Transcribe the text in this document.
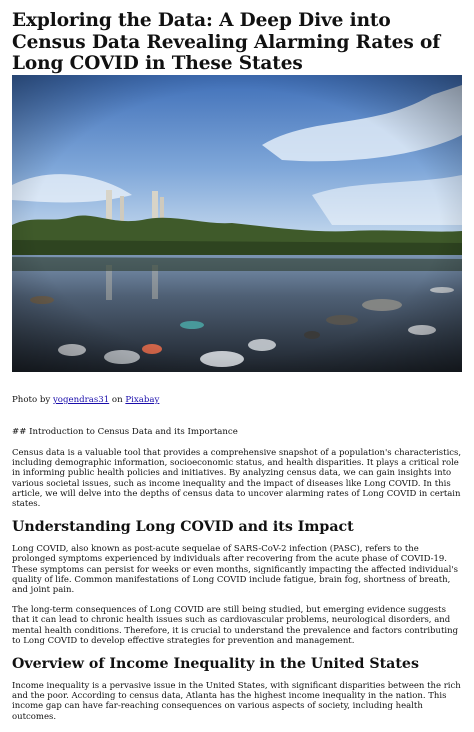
Exploring the Data: A Deep Dive into Census Data Revealing Alarming Rates of Long COVID in These States
Photo by yogendras31 on Pixabay
## Introduction to Census Data and its Importance

Census data is a valuable tool that provides a comprehensive snapshot of a population's characteristics, including demographic information, socioeconomic status, and health disparities. It plays a critical role in informing public health policies and initiatives. By analyzing census data, we can gain insights into various societal issues, such as income inequality and the impact of diseases like Long COVID. In this article, we will delve into the depths of census data to uncover alarming rates of Long COVID in certain states.

Understanding Long COVID and its Impact

Long COVID, also known as post-acute sequelae of SARS-CoV-2 infection (PASC), refers to the prolonged symptoms experienced by individuals after recovering from the acute phase of COVID-19. These symptoms can persist for weeks or even months, significantly impacting the affected individual's quality of life. Common manifestations of Long COVID include fatigue, brain fog, shortness of breath, and joint pain.

The long-term consequences of Long COVID are still being studied, but emerging evidence suggests that it can lead to chronic health issues such as cardiovascular problems, neurological disorders, and mental health conditions. Therefore, it is crucial to understand the prevalence and factors contributing to Long COVID to develop effective strategies for prevention and management.

Overview of Income Inequality in the United States

Income inequality is a pervasive issue in the United States, with significant disparities between the rich and the poor. According to census data, Atlanta has the highest income inequality in the nation. This income gap can have far-reaching consequences on various aspects of society, including health outcomes.
